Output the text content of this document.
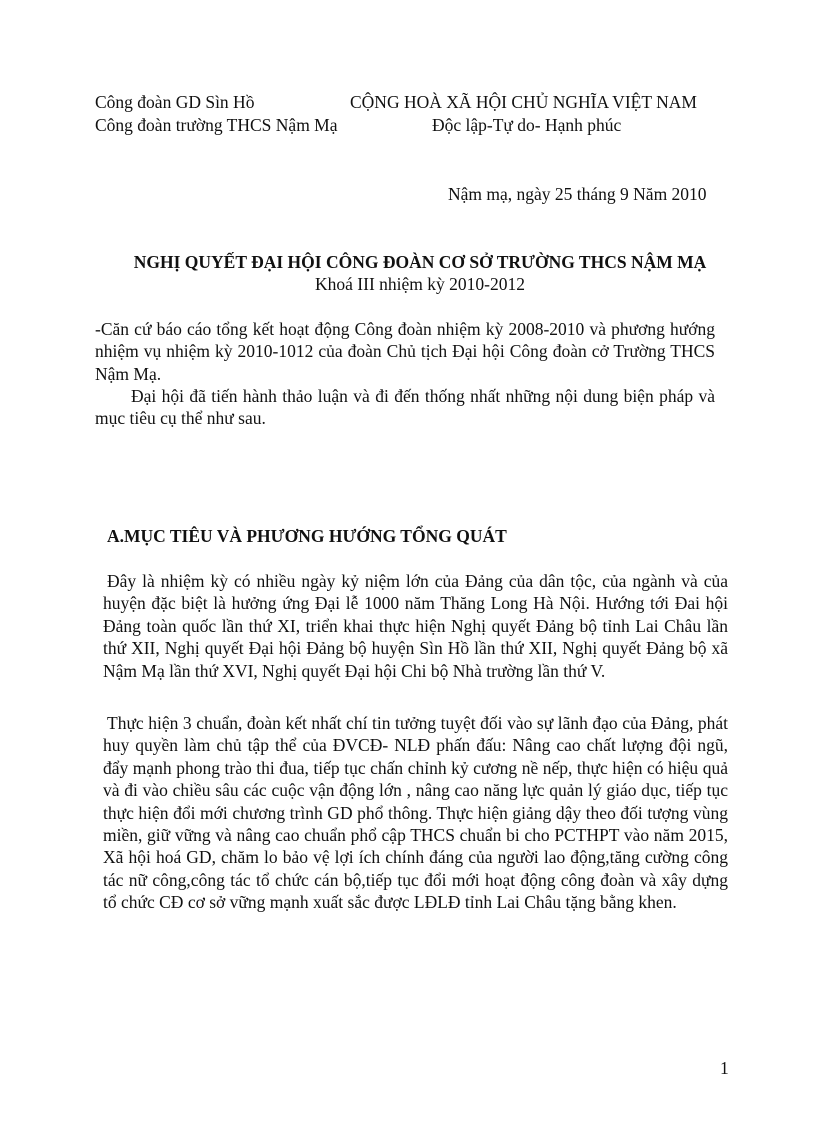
Công đoàn GD Sìn Hồ	CỘNG HOÀ XÃ HỘI CHỦ NGHĨA VIỆT NAM
Công đoàn trường THCS Nậm Mạ	Độc lập-Tự do- Hạnh phúc
Nậm mạ, ngày 25 tháng 9 Năm 2010
NGHỊ QUYẾT ĐẠI HỘI CÔNG ĐOÀN CƠ SỞ TRƯỜNG THCS NẬM MẠ
Khoá III nhiệm kỳ 2010-2012
-Căn cứ báo cáo tổng kết hoạt động Công đoàn nhiệm kỳ 2008-2010 và phương hướng nhiệm vụ nhiệm kỳ 2010-1012 của đoàn Chủ tịch Đại hội Công đoàn cở Trường THCS Nậm Mạ.
Đại hội đã tiến hành thảo luận và đi đến thống nhất những nội dung biện pháp và mục tiêu cụ thể như sau.
A.MỤC TIÊU VÀ PHƯƠNG HƯỚNG TỔNG QUÁT
Đây là nhiệm kỳ có nhiều ngày kỷ niệm lớn của Đảng của dân tộc, của ngành và của huyện đặc biệt là hưởng ứng Đại lễ 1000 năm Thăng Long Hà Nội. Hướng tới Đai hội Đảng toàn quốc lần thứ XI, triển khai thực hiện Nghị quyết Đảng bộ tỉnh Lai Châu lần thứ XII, Nghị quyết Đại hội Đảng bộ huyện Sìn Hồ lần thứ XII, Nghị quyết Đảng bộ xã Nậm Mạ lần thứ XVI, Nghị quyết Đại hội Chi bộ Nhà trường lần thứ V.
Thực hiện 3 chuẩn, đoàn kết nhất chí tin tưởng tuyệt đối vào sự lãnh đạo của Đảng, phát huy quyền làm chủ tập thể của ĐVCĐ- NLĐ phấn đấu: Nâng cao chất lượng đội ngũ, đẩy mạnh phong trào thi đua, tiếp tục chấn chỉnh kỷ cương nề nếp, thực hiện có hiệu quả và đi vào chiều sâu các cuộc vận động lớn , nâng cao năng lực quản lý giáo dục, tiếp tục thực hiện đổi mới chương trình GD phổ thông. Thực hiện giảng dậy theo đối tượng vùng miền, giữ vững và nâng cao chuẩn phổ cập THCS chuẩn bi cho PCTHPT vào năm 2015, Xã hội hoá GD, chăm lo bảo vệ lợi ích chính đáng của người lao động,tăng cường công tác nữ công,công tác tổ chức cán bộ,tiếp tục đổi mới hoạt động công đoàn và xây dựng tổ chức CĐ cơ sở vững mạnh xuất sắc được LĐLĐ tỉnh Lai Châu tặng bằng khen.
1
